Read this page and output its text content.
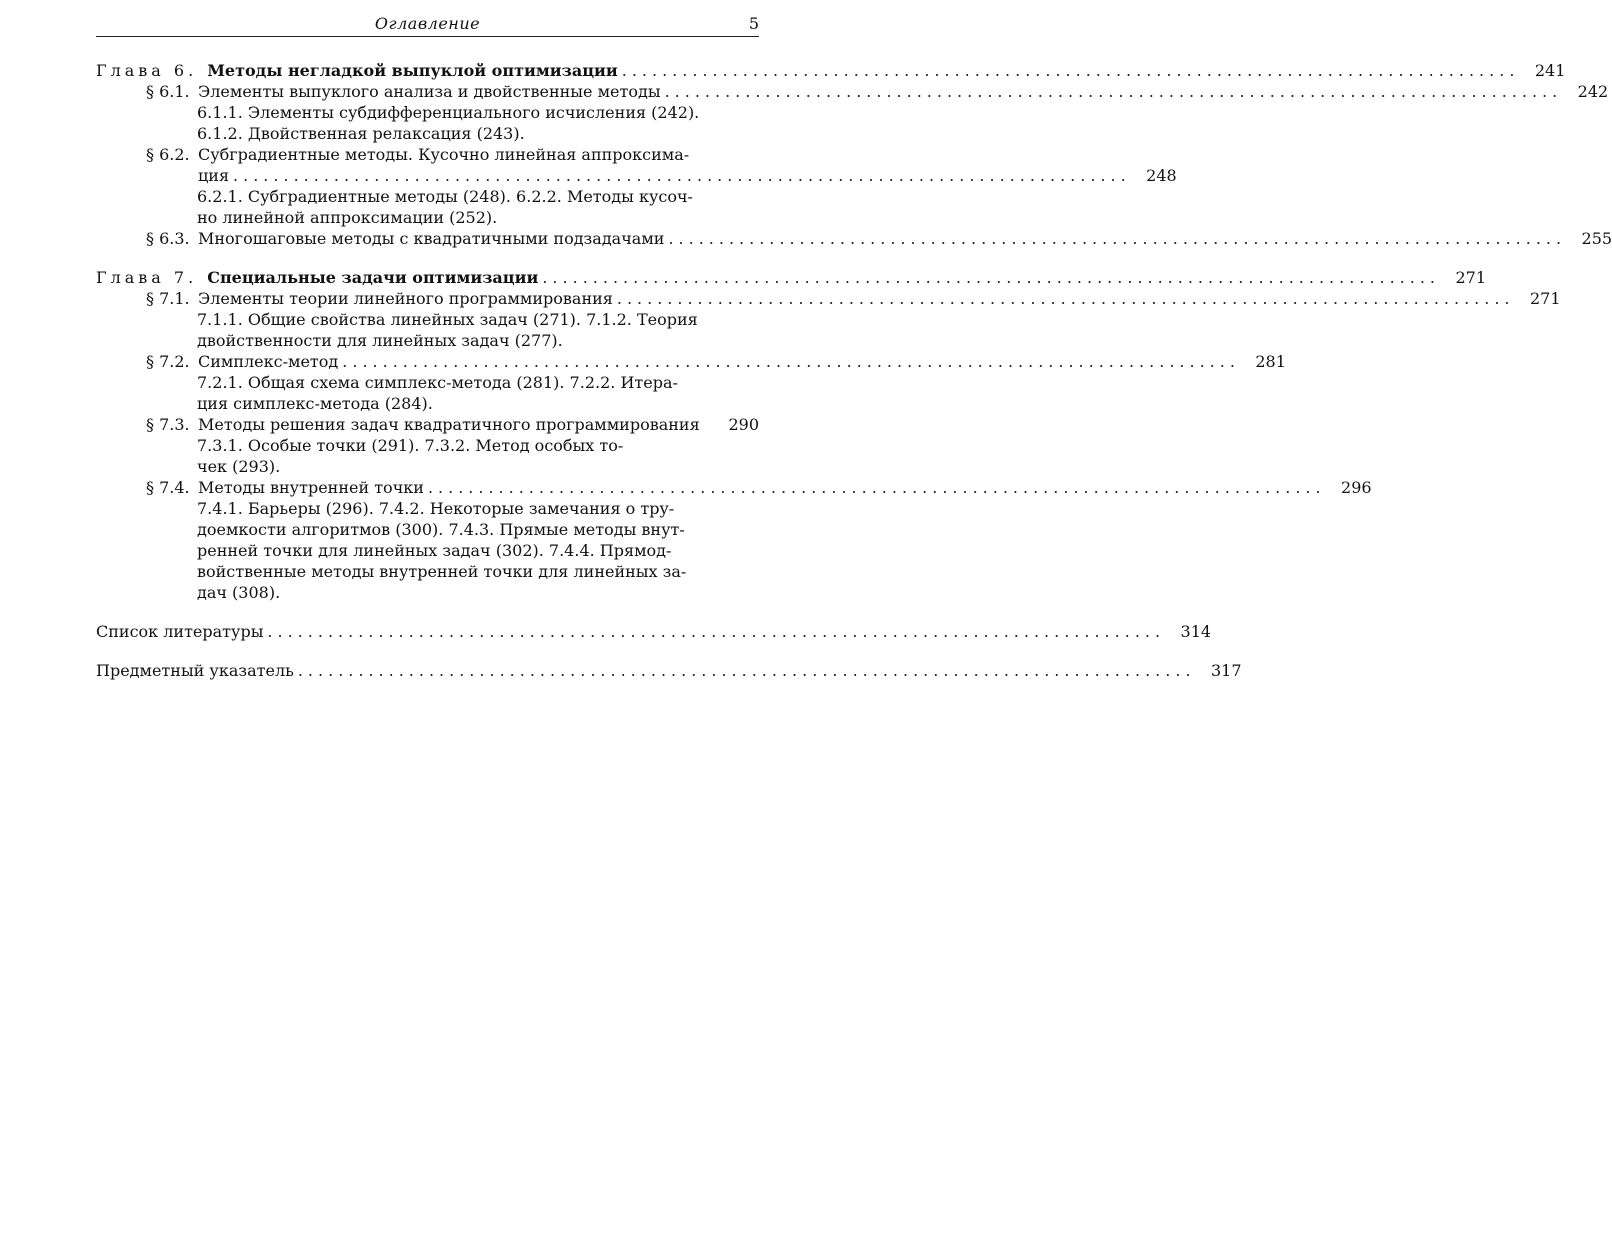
Оглавление	5
Глава 6. Методы негладкой выпуклой оптимизации ......................................................................................... 241
§ 6.1. Элементы выпуклого анализа и двойственные методы ......................................................................................... 242
6.1.1. Элементы субдифференциального исчисления (242).
6.1.2. Двойственная релаксация (243).
§ 6.2. Субградиентные методы. Кусочно линейная аппроксима-
ция ......................................................................................... 248
6.2.1. Субградиентные методы (248). 6.2.2. Методы кусоч-
но линейной аппроксимации (252).
§ 6.3. Многошаговые методы с квадратичными подзадачами ......................................................................................... 255
Глава 7. Специальные задачи оптимизации ......................................................................................... 271
§ 7.1. Элементы теории линейного программирования ......................................................................................... 271
7.1.1. Общие свойства линейных задач (271). 7.1.2. Теория
двойственности для линейных задач (277).
§ 7.2. Симплекс-метод ......................................................................................... 281
7.2.1. Общая схема симплекс-метода (281). 7.2.2. Итера-
ция симплекс-метода (284).
§ 7.3. Методы решения задач квадратичного программирования	290
7.3.1. Особые точки (291). 7.3.2. Метод особых то-
чек (293).
§ 7.4. Методы внутренней точки ......................................................................................... 296
7.4.1. Барьеры (296). 7.4.2. Некоторые замечания о тру-
доемкости алгоритмов (300). 7.4.3. Прямые методы внут-
ренней точки для линейных задач (302). 7.4.4. Прямод-
войственные методы внутренней точки для линейных за-
дач (308).
Список литературы ......................................................................................... 314
Предметный указатель ......................................................................................... 317
